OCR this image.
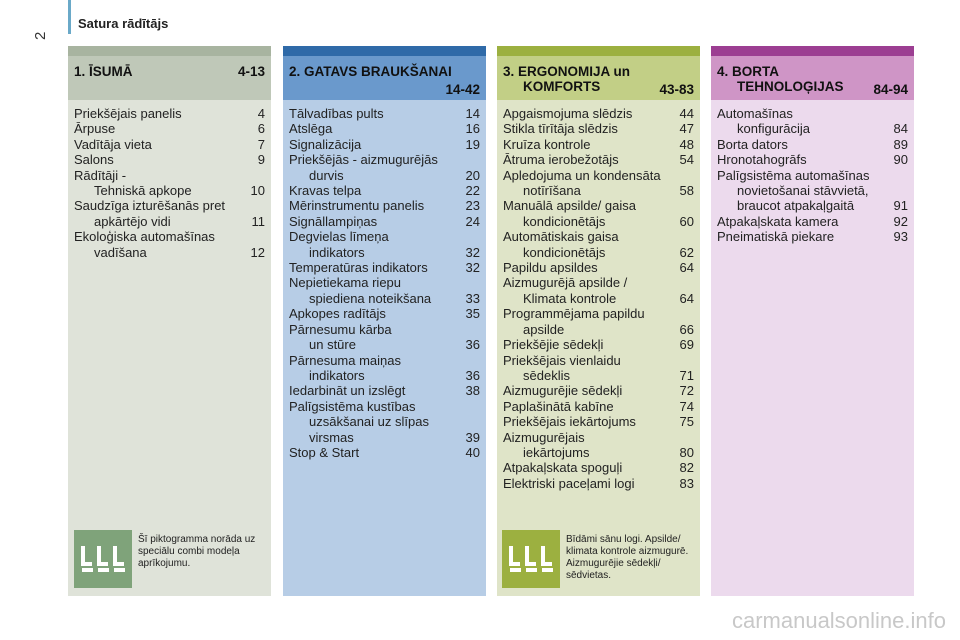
2
Satura rādītājs
1. ĪSUMĀ	4-13
Priekšējais panelis	4
Ārpuse	6
Vadītāja vieta	7
Salons	9
Rādītāji -
Tehniskā apkope	10
Saudzīga izturēšanās pret
apkārtējo vidi	11
Ekoloģiska automašīnas
vadīšana	12
2. GATAVS BRAUKŠANAI
14-42
Tālvadības pults	14
Atslēga	16
Signalizācija	19
Priekšējās - aizmugurējās
durvis	20
Kravas telpa	22
Mērinstrumentu panelis	23
Signāllampiņas	24
Degvielas līmeņa
indikators	32
Temperatūras indikators	32
Nepietiekama riepu
spiediena noteikšana	33
Apkopes radītājs	35
Pārnesumu kārba
un stūre	36
Pārnesuma maiņas
indikators	36
Iedarbināt un izslēgt	38
Palīgsistēma kustības
uzsākšanai uz slīpas
virsmas	39
Stop & Start	40
3. ERGONOMIJA un
KOMFORTS	43-83
Apgaismojuma slēdzis	44
Stikla tīrītāja slēdzis	47
Kruīza kontrole	48
Ātruma ierobežotājs	54
Apledojuma un kondensāta
notīrīšana	58
Manuālā apsilde/ gaisa
kondicionētājs	60
Automātiskais gaisa
kondicionētājs	62
Papildu apsildes	64
Aizmugurējā apsilde /
Klimata kontrole	64
Programmējama papildu
apsilde	66
Priekšējie sēdekļi	69
Priekšējais vienlaidu
sēdeklis	71
Aizmugurējie sēdekļi	72
Paplašinātā kabīne	74
Priekšējais iekārtojums	75
Aizmugurējais
iekārtojums	80
Atpakaļskata spoguļi	82
Elektriski paceļami logi	83
4. BORTA
TEHNOLOĢIJAS	84-94
Automašīnas
konfigurācija	84
Borta dators	89
Hronotahogrāfs	90
Palīgsistēma automašīnas
novietošanai stāvvietā,
braucot atpakaļgaitā	91
Atpakaļskata kamera	92
Pneimatiskā piekare	93
Šī piktogramma norāda uz speciālu combi modeļa aprīkojumu.
Bīdāmi sānu logi. Apsilde/ klimata kontrole aizmugurē. Aizmugurējie sēdekļi/ sēdvietas.
carmanualsonline.info
